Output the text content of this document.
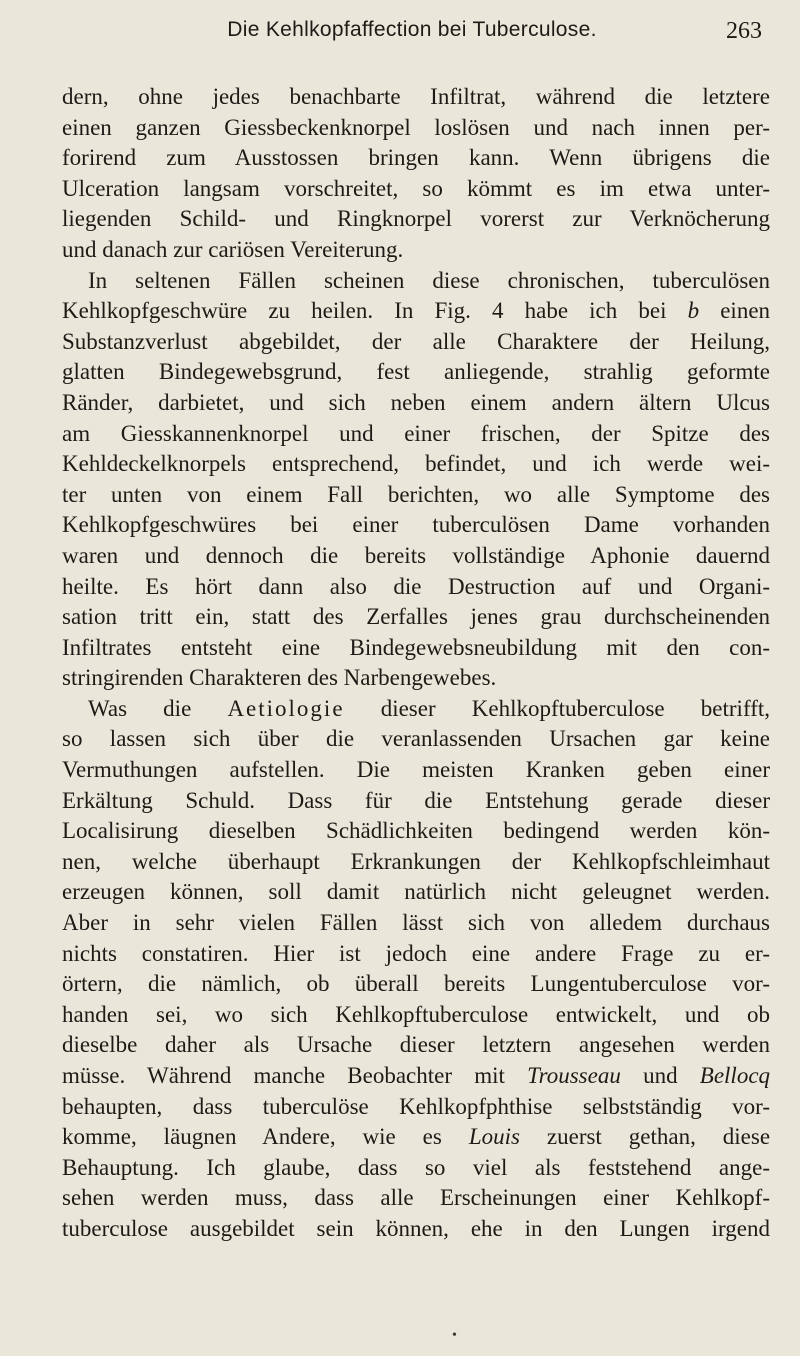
Die Kehlkopfaffection bei Tuberculose.	263
dern, ohne jedes benachbarte Infiltrat, während die letztere
einen ganzen Giessbeckenknorpel loslösen und nach innen per-
forirend zum Ausstossen bringen kann. Wenn übrigens die
Ulceration langsam vorschreitet, so kömmt es im etwa unter-
liegenden Schild- und Ringknorpel vorerst zur Verknöcherung
und danach zur cariösen Vereiterung.
In seltenen Fällen scheinen diese chronischen, tuberculösen
Kehlkopfgeschwüre zu heilen. In Fig. 4 habe ich bei b einen
Substanzverlust abgebildet, der alle Charaktere der Heilung,
glatten Bindegewebsgrund, fest anliegende, strahlig geformte
Ränder, darbietet, und sich neben einem andern ältern Ulcus
am Giesskannenknorpel und einer frischen, der Spitze des
Kehldeckelknorpels entsprechend, befindet, und ich werde wei-
ter unten von einem Fall berichten, wo alle Symptome des
Kehlkopfgeschwüres bei einer tuberculösen Dame vorhanden
waren und dennoch die bereits vollständige Aphonie dauernd
heilte. Es hört dann also die Destruction auf und Organi-
sation tritt ein, statt des Zerfalles jenes grau durchscheinenden
Infiltrates entsteht eine Bindegewebsneubildung mit den con-
stringirenden Charakteren des Narbengewebes.
Was die Aetiologie dieser Kehlkopftuberculose betrifft,
so lassen sich über die veranlassenden Ursachen gar keine
Vermuthungen aufstellen. Die meisten Kranken geben einer
Erkältung Schuld. Dass für die Entstehung gerade dieser
Localisirung dieselben Schädlichkeiten bedingend werden kön-
nen, welche überhaupt Erkrankungen der Kehlkopfschleimhaut
erzeugen können, soll damit natürlich nicht geleugnet werden.
Aber in sehr vielen Fällen lässt sich von alledem durchaus
nichts constatiren. Hier ist jedoch eine andere Frage zu er-
örtern, die nämlich, ob überall bereits Lungentuberculose vor-
handen sei, wo sich Kehlkopftuberculose entwickelt, und ob
dieselbe daher als Ursache dieser letztern angesehen werden
müsse. Während manche Beobachter mit Trousseau und Bellocq
behaupten, dass tuberculöse Kehlkopfphthise selbstständig vor-
komme, läugnen Andere, wie es Louis zuerst gethan, diese
Behauptung. Ich glaube, dass so viel als feststehend ange-
sehen werden muss, dass alle Erscheinungen einer Kehlkopf-
tuberculose ausgebildet sein können, ehe in den Lungen irgend
•
